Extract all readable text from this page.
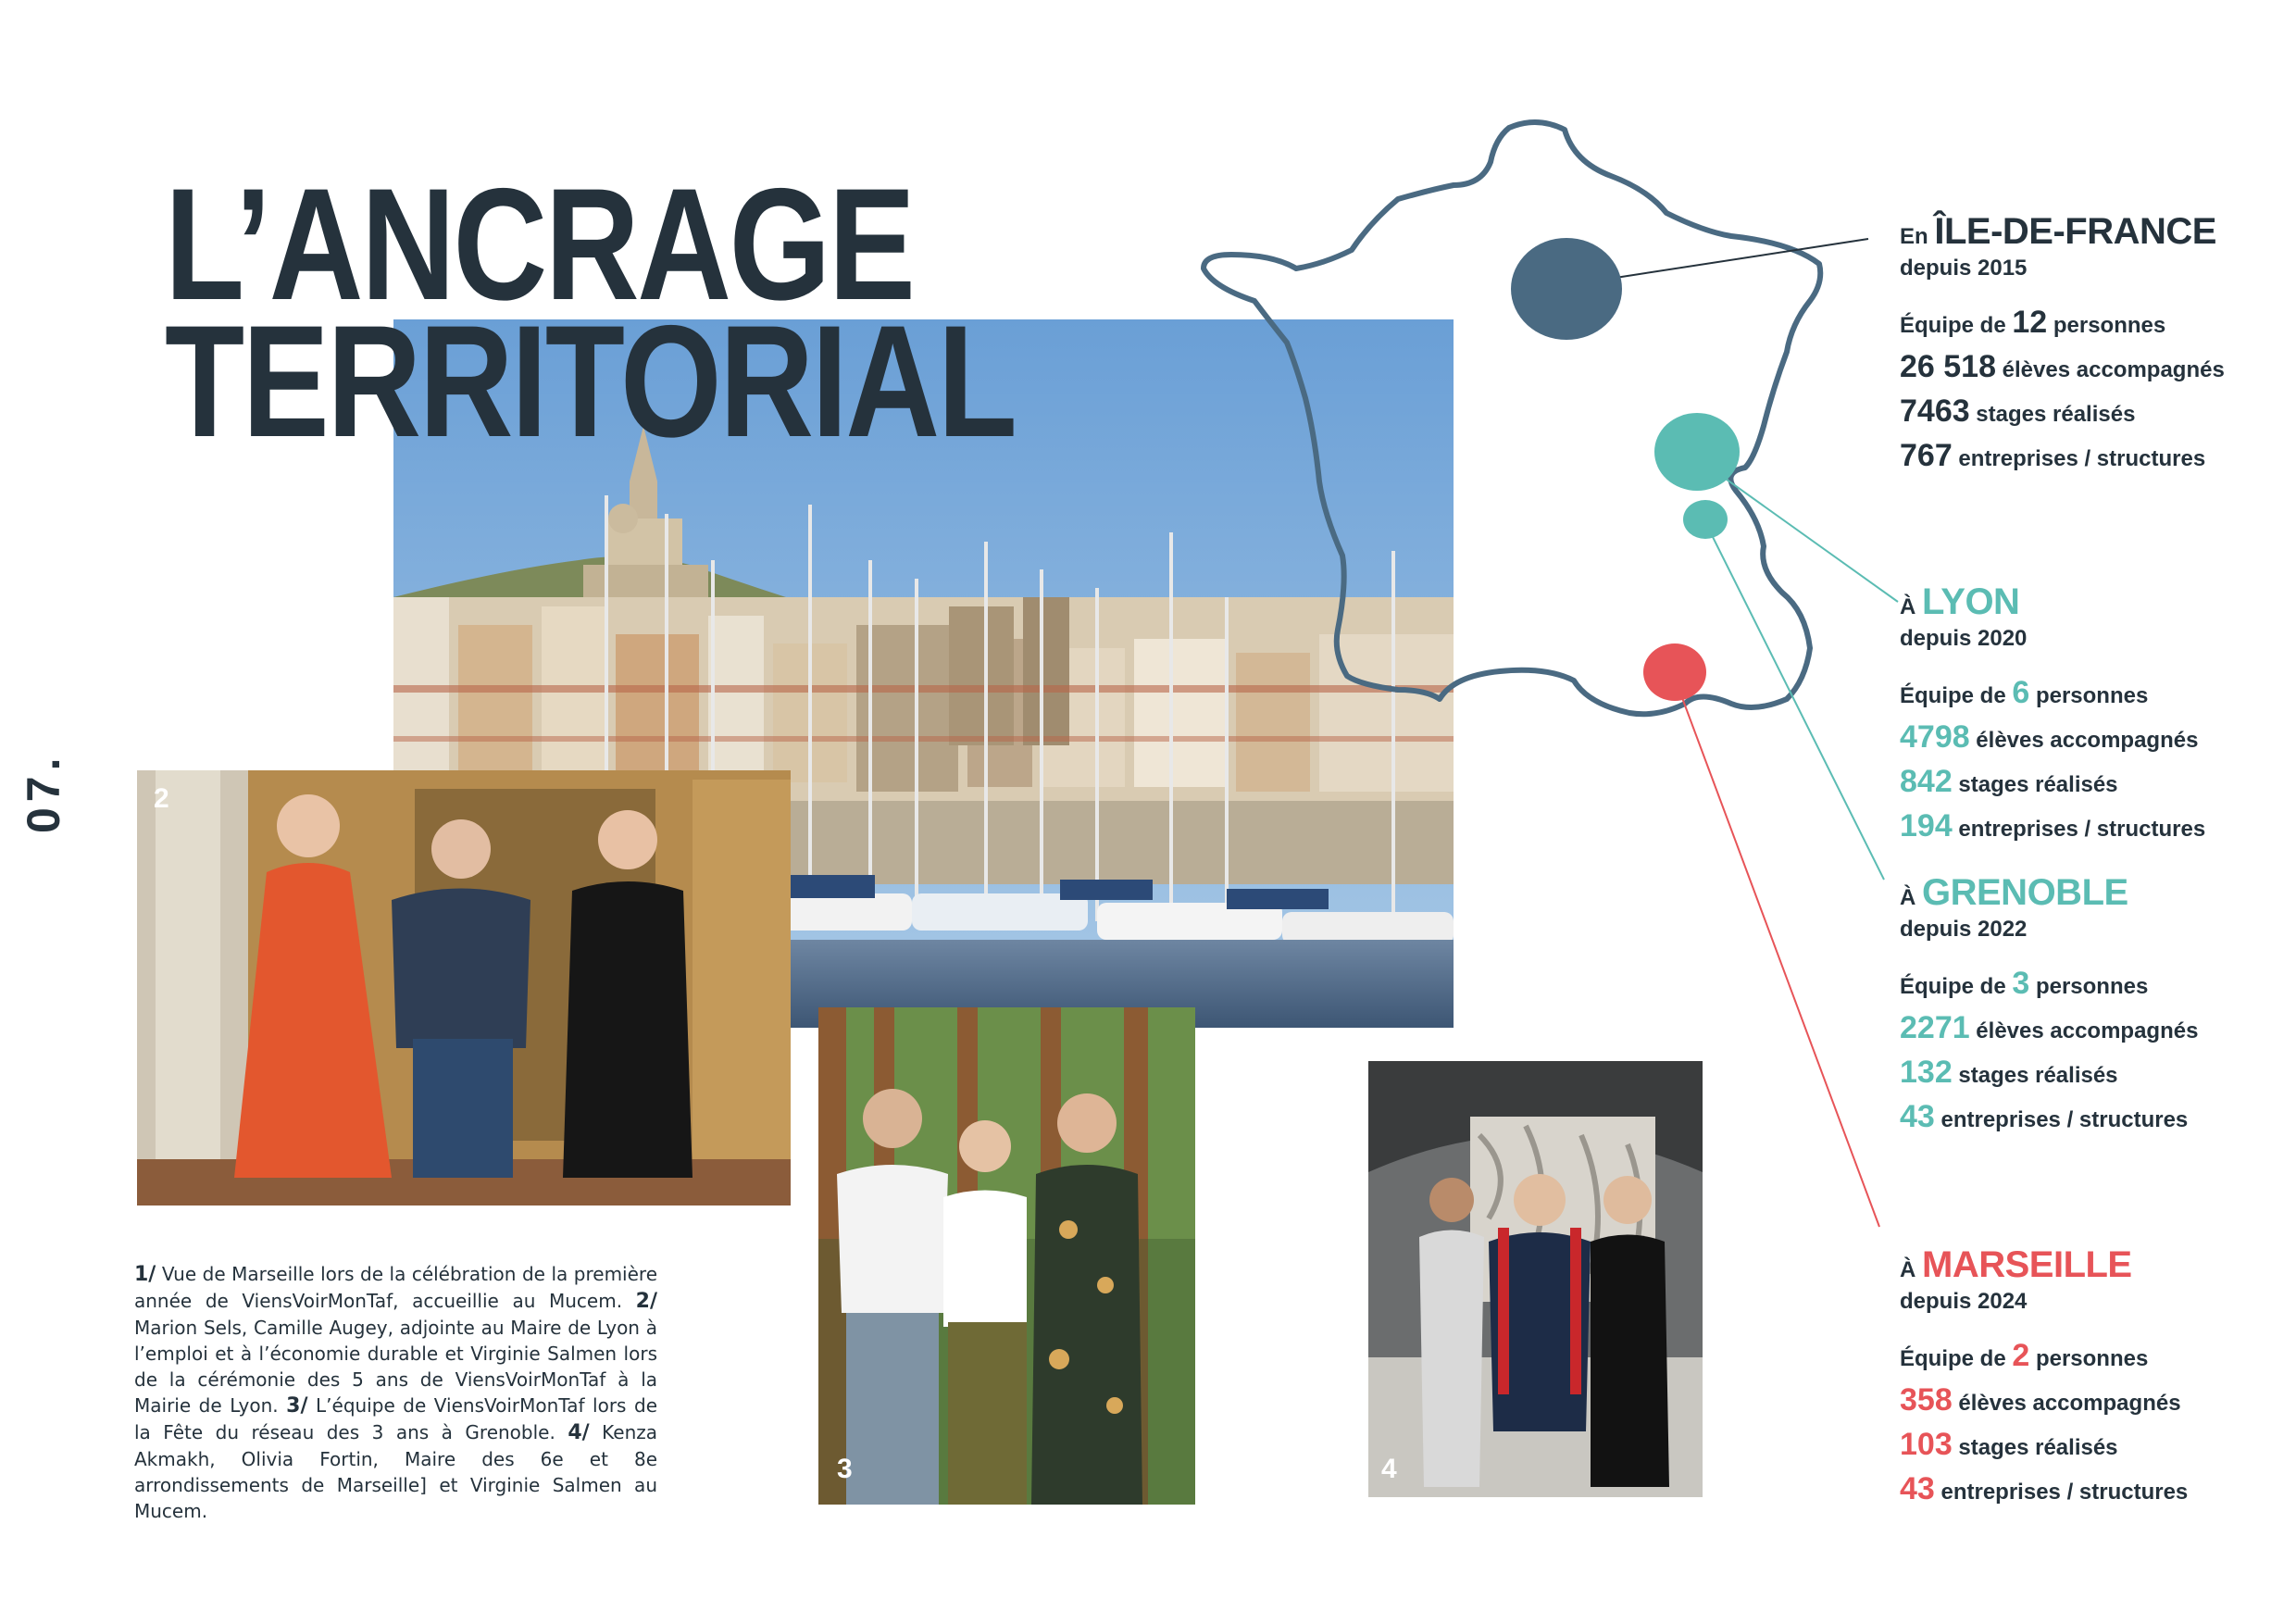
07.
L’ANCRAGE
TERRITORIAL
2
3	4
1/ Vue de Marseille lors de la célébration de la première année de ViensVoirMonTaf, accueillie au Mucem. 2/ Marion Sels, Camille Augey, adjointe au Maire de Lyon à l’emploi et à l’économie durable et Virginie Salmen lors de la cérémonie des 5 ans de ViensVoirMonTaf à la Mairie de Lyon. 3/ L’équipe de ViensVoirMonTaf lors de la Fête du réseau des 3 ans à Grenoble. 4/ Kenza Akmakh, Olivia Fortin, Maire des 6e et 8e arrondissements de Marseille] et Virginie Salmen au Mucem.
En ÎLE-DE-FRANCE
depuis 2015
Équipe de 12 personnes
26 518 élèves accompagnés
7463 stages réalisés
767 entreprises / structures
À LYON
depuis 2020
Équipe de 6 personnes
4798 élèves accompagnés
842 stages réalisés
194 entreprises / structures
À GRENOBLE
depuis 2022
Équipe de 3 personnes
2271 élèves accompagnés
132 stages réalisés
43 entreprises / structures
À MARSEILLE
depuis 2024
Équipe de 2 personnes
358 élèves accompagnés
103 stages réalisés
43 entreprises / structures
